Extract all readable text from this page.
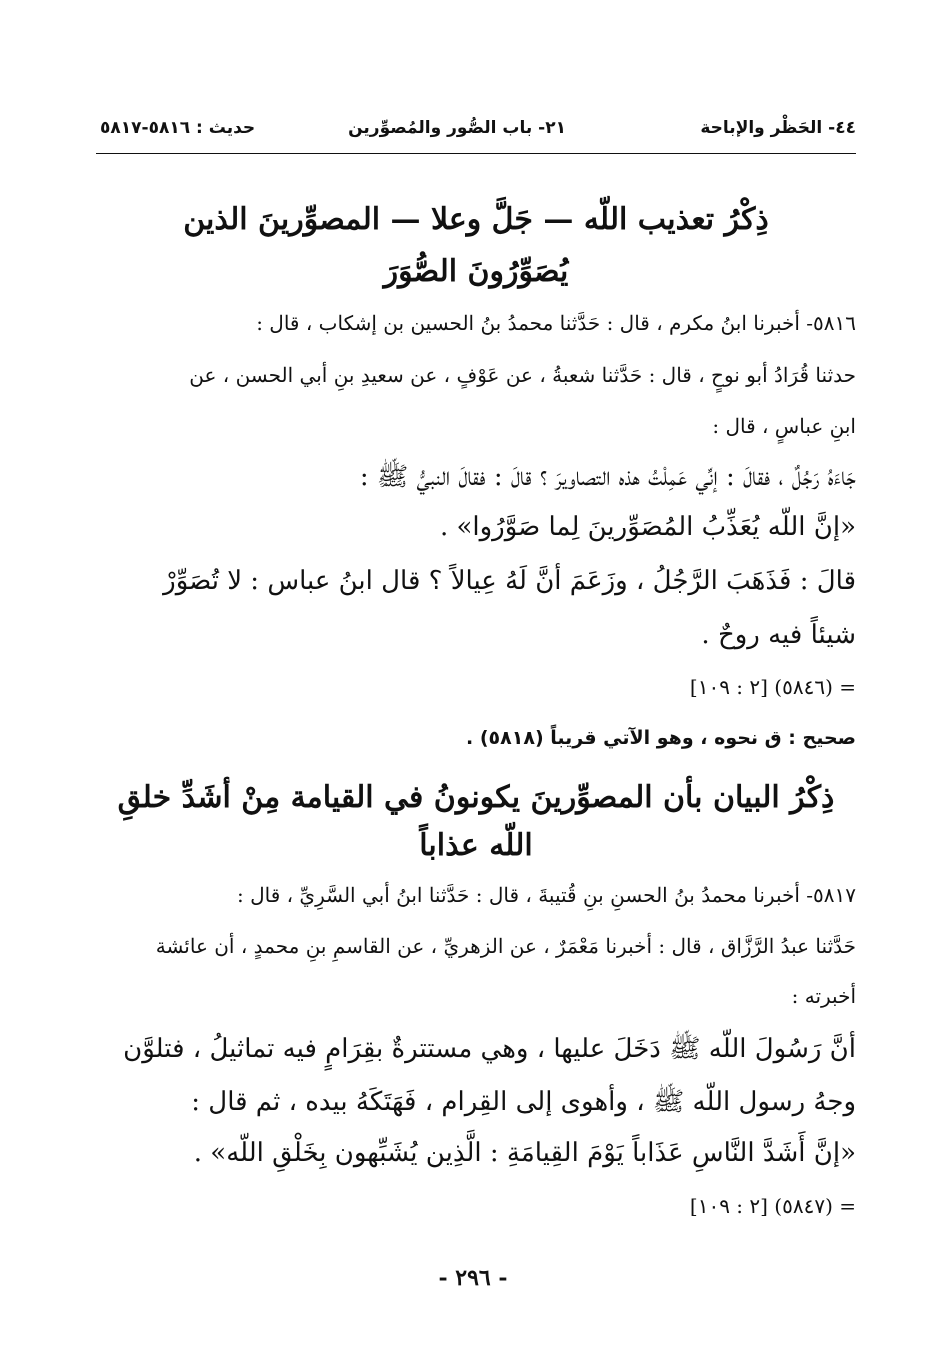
٤٤- الحَظْر والإباحة
٢١- باب الصُّور والمُصوِّرين
حديث : ٥٨١٦-٥٨١٧
ذِكْرُ تعذيب اللّه — جَلَّ وعلا — المصوِّرينَ الذين
يُصَوِّرُونَ الصُّوَرَ
٥٨١٦- أخبرنا ابنُ مكرم ، قال : حَدَّثنا محمدُ بنُ الحسين بن إشكاب ، قال :
حدثنا قُرَادُ أبو نوحٍ ، قال : حَدَّثنا شعبةُ ، عن عَوْفٍ ، عن سعيدِ بنِ أبي الحسن ، عن
ابنِ عباسٍ ، قال :
جَاءَهُ رَجُلٌ ، فقالَ : إنِّي عَمِلْتُ هذه التصاويرَ ؟ قالَ : فقالَ النبيُّ ﷺ :
«إنَّ اللّه يُعَذِّبُ المُصَوِّرينَ لِما صَوَّرُوا» .
قالَ : فَذَهَبَ الرَّجُلُ ، وزَعَمَ أنَّ لَهُ عِيالاً ؟ قال ابنُ عباس : لا تُصَوِّرْ
شيئاً فيه روحٌ .
= (٥٨٤٦) [٢ : ١٠٩]
صحيح : ق نحوه ، وهو الآتي قريباً (٥٨١٨) .
ذِكْرُ البيان بأن المصوِّرينَ يكونونُ في القيامة مِنْ أشَدِّ خلقِ
اللّه عذاباً
٥٨١٧- أخبرنا محمدُ بنُ الحسنِ بنِ قُتيبةَ ، قال : حَدَّثنا ابنُ أبي السَّرِيِّ ، قال :
حَدَّثنا عبدُ الرَّزَّاق ، قال : أخبرنا مَعْمَرٌ ، عن الزهريِّ ، عن القاسمِ بنِ محمدٍ ، أن عائشة
أخبرته :
أنَّ رَسُولَ اللّه ﷺ دَخَلَ عليها ، وهي مستترةٌ بقِرَامٍ فيه تماثيلُ ، فتلوَّن
وجهُ رسول اللّه ﷺ ، وأهوى إلى القِرام ، فَهَتَكَهُ بيده ، ثم قال :
«إنَّ أَشَدَّ النَّاسِ عَذَاباً يَوْمَ القِيامَةِ : الَّذِين يُشَبِّهون بِخَلْقِ اللّه» .
= (٥٨٤٧) [٢ : ١٠٩]
- ٢٩٦ -
